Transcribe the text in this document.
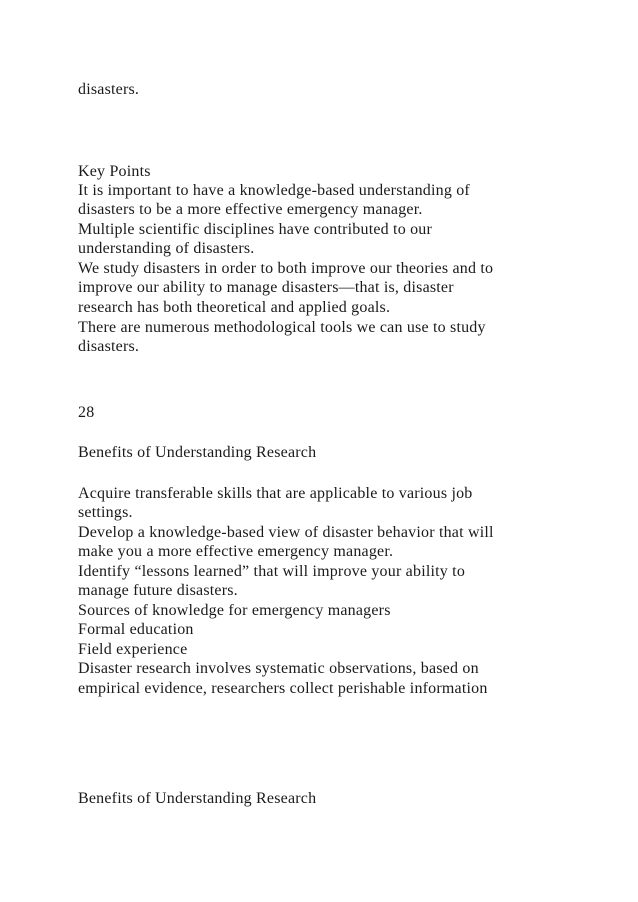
disasters.
Key Points
It is important to have a knowledge-based understanding of
disasters to be a more effective emergency manager.
Multiple scientific disciplines have contributed to our
understanding of disasters.
We study disasters in order to both improve our theories and to
improve our ability to manage disasters—that is, disaster
research has both theoretical and applied goals.
There are numerous methodological tools we can use to study
disasters.
28
Benefits of Understanding Research
Acquire transferable skills that are applicable to various job
settings.
Develop a knowledge-based view of disaster behavior that will
make you a more effective emergency manager.
Identify “lessons learned” that will improve your ability to
manage future disasters.
Sources of knowledge for emergency managers
Formal education
Field experience
Disaster research involves systematic observations, based on
empirical evidence, researchers collect perishable information
Benefits of Understanding Research
